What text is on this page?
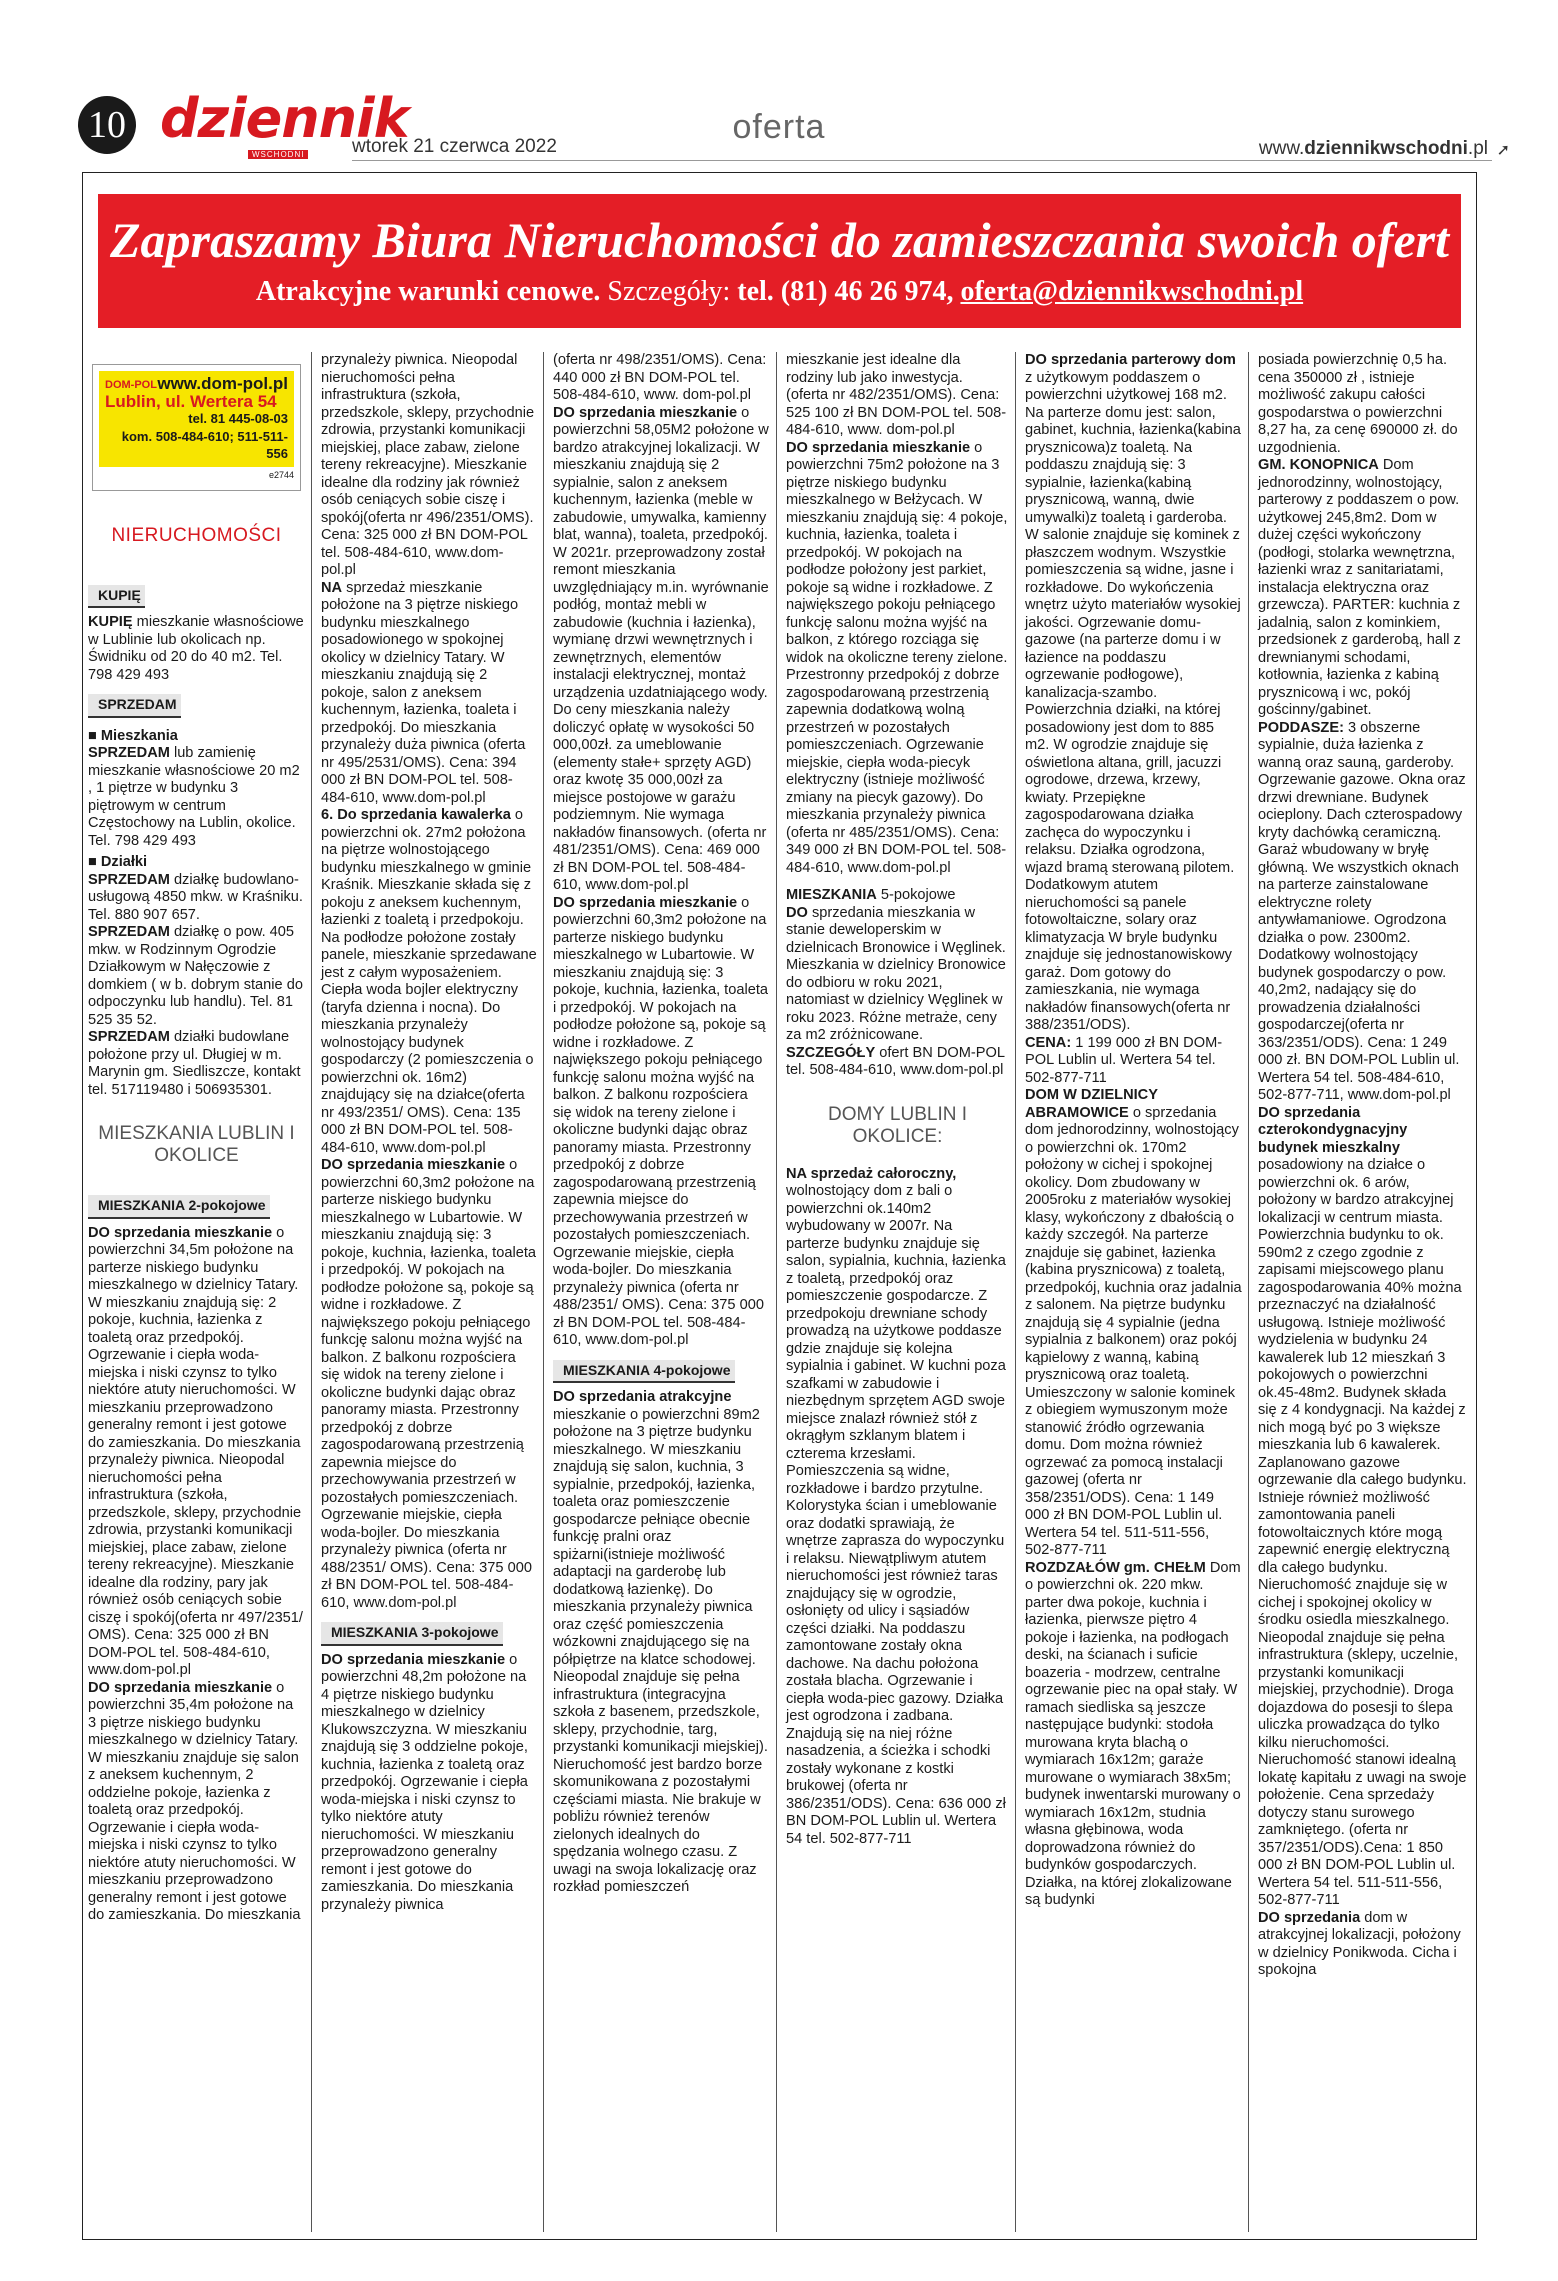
10 dziennik
WSCHODNI	wtorek 21 czerwca 2022
oferta
www.dziennikwschodni.pl ➚
Zapraszamy Biura Nieruchomości do zamieszczania swoich ofert
Atrakcyjne warunki cenowe. Szczegóły: tel. (81) 46 26 974, oferta@dziennikwschodni.pl
DOM-POL www.dom-pol.pl
Lublin, ul. Wertera 54
tel. 81 445-08-03
kom. 508-484-610; 511-511-556
e2744
NIERUCHOMOŚCI
KUPIĘ

KUPIĘ mieszkanie własnościowe w Lublinie lub okolicach np. Świdniku od 20 do 40 m2. Tel. 798 429 493

SPRZEDAM
■ Mieszkania

SPRZEDAM lub zamienię mieszkanie własnościowe 20 m2 , 1 piętrze w budynku 3 piętrowym w centrum Częstochowy na Lublin, okolice. Tel. 798 429 493

■ Działki

SPRZEDAM działkę budowlano-usługową 4850 mkw. w Kraśniku. Tel. 880 907 657.

SPRZEDAM działkę o pow. 405 mkw. w Rodzinnym Ogrodzie Działkowym w Nałęczowie z domkiem ( w b. dobrym stanie do odpoczynku lub handlu). Tel. 81 525 35 52.

SPRZEDAM działki budowlane położone przy ul. Długiej w m. Marynin gm. Siedliszcze, kontakt tel. 517119480 i 506935301.

MIESZKANIA LUBLIN I OKOLICE
MIESZKANIA 2-pokojowe

DO sprzedania mieszkanie o powierzchni 34,5m położone na parterze niskiego budynku mieszkalnego w dzielnicy Tatary. W mieszkaniu znajdują się: 2 pokoje, kuchnia, łazienka z toaletą oraz przedpokój. Ogrzewanie i ciepła woda- miejska i niski czynsz to tylko niektóre atuty nieruchomości. W mieszkaniu przeprowadzono generalny remont i jest gotowe do zamieszkania. Do mieszkania przynależy piwnica. Nieopodal nieruchomości pełna infrastruktura (szkoła, przedszkole, sklepy, przychodnie zdrowia, przystanki komunikacji miejskiej, place zabaw, zielone tereny rekreacyjne). Mieszkanie idealne dla rodziny, pary jak również osób ceniących sobie ciszę i spokój(oferta nr 497/2351/ OMS). Cena: 325 000 zł BN DOM-POL tel. 508-484-610, www.dom-pol.pl

DO sprzedania mieszkanie o powierzchni 35,4m położone na 3 piętrze niskiego budynku mieszkalnego w dzielnicy Tatary. W mieszkaniu znajduje się salon z aneksem kuchennym, 2 oddzielne pokoje, łazienka z toaletą oraz przedpokój. Ogrzewanie i ciepła woda- miejska i niski czynsz to tylko niektóre atuty nieruchomości. W mieszkaniu przeprowadzono generalny remont i jest gotowe do zamieszkania. Do mieszkania

przynależy piwnica. Nieopodal nieruchomości pełna infrastruktura (szkoła, przedszkole, sklepy, przychodnie zdrowia, przystanki komunikacji miejskiej, place zabaw, zielone tereny rekreacyjne). Mieszkanie idealne dla rodziny jak również osób ceniących sobie ciszę i spokój(oferta nr 496/2351/OMS). Cena: 325 000 zł BN DOM-POL tel. 508-484-610, www.dom-pol.pl

NA sprzedaż mieszkanie położone na 3 piętrze niskiego budynku mieszkalnego posadowionego w spokojnej okolicy w dzielnicy Tatary. W mieszkaniu znajdują się 2 pokoje, salon z aneksem kuchennym, łazienka, toaleta i przedpokój. Do mieszkania przynależy duża piwnica (oferta nr 495/2531/OMS). Cena: 394 000 zł BN DOM-POL tel. 508-484-610, www.dom-pol.pl

6. Do sprzedania kawalerka o powierzchni ok. 27m2 położona na piętrze wolnostojącego budynku mieszkalnego w gminie Kraśnik. Mieszkanie składa się z pokoju z aneksem kuchennym, łazienki z toaletą i przedpokoju. Na podłodze położone zostały panele, mieszkanie sprzedawane jest z całym wyposażeniem. Ciepła woda bojler elektryczny (taryfa dzienna i nocna). Do mieszkania przynależy wolnostojący budynek gospodarczy (2 pomieszczenia o powierzchni ok. 16m2) znajdujący się na działce(oferta nr 493/2351/ OMS). Cena: 135 000 zł BN DOM-POL tel. 508-484-610, www.dom-pol.pl

DO sprzedania mieszkanie o powierzchni 60,3m2 położone na parterze niskiego budynku mieszkalnego w Lubartowie. W mieszkaniu znajdują się: 3 pokoje, kuchnia, łazienka, toaleta i przedpokój. W pokojach na podłodze położone są, pokoje są widne i rozkładowe. Z największego pokoju pełniącego funkcję salonu można wyjść na balkon. Z balkonu rozpościera się widok na tereny zielone i okoliczne budynki dając obraz panoramy miasta. Przestronny przedpokój z dobrze zagospodarowaną przestrzenią zapewnia miejsce do przechowywania przestrzeń w pozostałych pomieszczeniach. Ogrzewanie miejskie, ciepła woda-bojler. Do mieszkania przynależy piwnica (oferta nr 488/2351/ OMS). Cena: 375 000 zł BN DOM-POL tel. 508-484-610, www.dom-pol.pl

MIESZKANIA 3-pokojowe

DO sprzedania mieszkanie o powierzchni 48,2m położone na 4 piętrze niskiego budynku mieszkalnego w dzielnicy Klukowszczyzna. W mieszkaniu znajdują się 3 oddzielne pokoje, kuchnia, łazienka z toaletą oraz przedpokój. Ogrzewanie i ciepła woda-miejska i niski czynsz to tylko niektóre atuty nieruchomości. W mieszkaniu przeprowadzono generalny remont i jest gotowe do zamieszkania. Do mieszkania przynależy piwnica

(oferta nr 498/2351/OMS). Cena: 440 000 zł BN DOM-POL tel. 508-484-610, www. dom-pol.pl

DO sprzedania mieszkanie o powierzchni 58,05M2 położone w bardzo atrakcyjnej lokalizacji. W mieszkaniu znajdują się 2 sypialnie, salon z aneksem kuchennym, łazienka (meble w zabudowie, umywalka, kamienny blat, wanna), toaleta, przedpokój. W 2021r. przeprowadzony został remont mieszkania uwzględniający m.in. wyrównanie podłóg, montaż mebli w zabudowie (kuchnia i łazienka), wymianę drzwi wewnętrznych i zewnętrznych, elementów instalacji elektrycznej, montaż urządzenia uzdatniającego wody. Do ceny mieszkania należy doliczyć opłatę w wysokości 50 000,00zł. za umeblowanie (elementy stałe+ sprzęty AGD) oraz kwotę 35 000,00zł za miejsce postojowe w garażu podziemnym. Nie wymaga nakładów finansowych. (oferta nr 481/2351/OMS). Cena: 469 000 zł BN DOM-POL tel. 508-484-610, www.dom-pol.pl

DO sprzedania mieszkanie o powierzchni 60,3m2 położone na parterze niskiego budynku mieszkalnego w Lubartowie. W mieszkaniu znajdują się: 3 pokoje, kuchnia, łazienka, toaleta i przedpokój. W pokojach na podłodze położone są, pokoje są widne i rozkładowe. Z największego pokoju pełniącego funkcję salonu można wyjść na balkon. Z balkonu rozpościera się widok na tereny zielone i okoliczne budynki dając obraz panoramy miasta. Przestronny przedpokój z dobrze zagospodarowaną przestrzenią zapewnia miejsce do przechowywania przestrzeń w pozostałych pomieszczeniach. Ogrzewanie miejskie, ciepła woda-bojler. Do mieszkania przynależy piwnica (oferta nr 488/2351/ OMS). Cena: 375 000 zł BN DOM-POL tel. 508-484-610, www.dom-pol.pl

MIESZKANIA 4-pokojowe

DO sprzedania atrakcyjne mieszkanie o powierzchni 89m2 położone na 3 piętrze budynku mieszkalnego. W mieszkaniu znajdują się salon, kuchnia, 3 sypialnie, przedpokój, łazienka, toaleta oraz pomieszczenie gospodarcze pełniące obecnie funkcję pralni oraz spiżarni(istnieje możliwość adaptacji na garderobę lub dodatkową łazienkę). Do mieszkania przynależy piwnica oraz część pomieszczenia wózkowni znajdującego się na półpiętrze na klatce schodowej. Nieopodal znajduje się pełna infrastruktura (integracyjna szkoła z basenem, przedszkole, sklepy, przychodnie, targ, przystanki komunikacji miejskiej). Nieruchomość jest bardzo borze skomunikowana z pozostałymi częściami miasta. Nie brakuje w pobliżu również terenów zielonych idealnych do spędzania wolnego czasu. Z uwagi na swoja lokalizację oraz rozkład pomieszczeń

mieszkanie jest idealne dla rodziny lub jako inwestycja. (oferta nr 482/2351/OMS). Cena: 525 100 zł BN DOM-POL tel. 508-484-610, www. dom-pol.pl

DO sprzedania mieszkanie o powierzchni 75m2 położone na 3 piętrze niskiego budynku mieszkalnego w Bełżycach. W mieszkaniu znajdują się: 4 pokoje, kuchnia, łazienka, toaleta i przedpokój. W pokojach na podłodze położony jest parkiet, pokoje są widne i rozkładowe. Z największego pokoju pełniącego funkcję salonu można wyjść na balkon, z którego rozciąga się widok na okoliczne tereny zielone. Przestronny przedpokój z dobrze zagospodarowaną przestrzenią zapewnia dodatkową wolną przestrzeń w pozostałych pomieszczeniach. Ogrzewanie miejskie, ciepła woda-piecyk elektryczny (istnieje możliwość zmiany na piecyk gazowy). Do mieszkania przynależy piwnica (oferta nr 485/2351/OMS). Cena: 349 000 zł BN DOM-POL tel. 508-484-610, www.dom-pol.pl

MIESZKANIA 5-pokojowe

DO sprzedania mieszkania w stanie deweloperskim w dzielnicach Bronowice i Węglinek. Mieszkania w dzielnicy Bronowice do odbioru w roku 2021, natomiast w dzielnicy Węglinek w roku 2023. Różne metraże, ceny za m2 zróżnicowane.

SZCZEGÓŁY ofert BN DOM-POL tel. 508-484-610, www.dom-pol.pl

DOMY LUBLIN I OKOLICE:

NA sprzedaż całoroczny, wolnostojący dom z bali o powierzchni ok.140m2 wybudowany w 2007r. Na parterze budynku znajduje się salon, sypialnia, kuchnia, łazienka z toaletą, przedpokój oraz pomieszczenie gospodarcze. Z przedpokoju drewniane schody prowadzą na użytkowe poddasze gdzie znajduje się kolejna sypialnia i gabinet. W kuchni poza szafkami w zabudowie i niezbędnym sprzętem AGD swoje miejsce znalazł również stół z okrągłym szklanym blatem i czterema krzesłami. Pomieszczenia są widne, rozkładowe i bardzo przytulne. Kolorystyka ścian i umeblowanie oraz dodatki sprawiają, że wnętrze zaprasza do wypoczynku i relaksu. Niewątpliwym atutem nieruchomości jest również taras znajdujący się w ogrodzie, osłonięty od ulicy i sąsiadów części działki. Na poddaszu zamontowane zostały okna dachowe. Na dachu położona została blacha. Ogrzewanie i ciepła woda-piec gazowy. Działka jest ogrodzona i zadbana. Znajdują się na niej różne nasadzenia, a ścieżka i schodki zostały wykonane z kostki brukowej (oferta nr 386/2351/ODS). Cena: 636 000 zł BN DOM-POL Lublin ul. Wertera 54 tel. 502-877-711

DO sprzedania parterowy dom z użytkowym poddaszem o powierzchni użytkowej 168 m2. Na parterze domu jest: salon, gabinet, kuchnia, łazienka(kabina prysznicowa)z toaletą. Na poddaszu znajdują się: 3 sypialnie, łazienka(kabiną prysznicową, wanną, dwie umywalki)z toaletą i garderoba. W salonie znajduje się kominek z płaszczem wodnym. Wszystkie pomieszczenia są widne, jasne i rozkładowe. Do wykończenia wnętrz użyto materiałów wysokiej jakości. Ogrzewanie domu-gazowe (na parterze domu i w łazience na poddaszu ogrzewanie podłogowe), kanalizacja-szambo. Powierzchnia działki, na której posadowiony jest dom to 885 m2. W ogrodzie znajduje się oświetlona altana, grill, jacuzzi ogrodowe, drzewa, krzewy, kwiaty. Przepiękne zagospodarowana działka zachęca do wypoczynku i relaksu. Działka ogrodzona, wjazd bramą sterowaną pilotem. Dodatkowym atutem nieruchomości są panele fotowoltaiczne, solary oraz klimatyzacja W bryle budynku znajduje się jednostanowiskowy garaż. Dom gotowy do zamieszkania, nie wymaga nakładów finansowych(oferta nr 388/2351/ODS).

CENA: 1 199 000 zł BN DOM-POL Lublin ul. Wertera 54 tel. 502-877-711

DOM W DZIELNICY ABRAMOWICE o sprzedania dom jednorodzinny, wolnostojący o powierzchni ok. 170m2 położony w cichej i spokojnej okolicy. Dom zbudowany w 2005roku z materiałów wysokiej klasy, wykończony z dbałością o każdy szczegół. Na parterze znajduje się gabinet, łazienka (kabina prysznicowa) z toaletą, przedpokój, kuchnia oraz jadalnia z salonem. Na piętrze budynku znajdują się 4 sypialnie (jedna sypialnia z balkonem) oraz pokój kąpielowy z wanną, kabiną prysznicową oraz toaletą. Umieszczony w salonie kominek z obiegiem wymuszonym może stanowić źródło ogrzewania domu. Dom można również ogrzewać za pomocą instalacji gazowej (oferta nr 358/2351/ODS). Cena: 1 149 000 zł BN DOM-POL Lublin ul. Wertera 54 tel. 511-511-556, 502-877-711

ROZDZAŁÓW gm. CHEŁM Dom o powierzchni ok. 220 mkw. parter dwa pokoje, kuchnia i łazienka, pierwsze piętro 4 pokoje i łazienka, na podłogach deski, na ścianach i suficie boazeria - modrzew, centralne ogrzewanie piec na opał stały. W ramach siedliska są jeszcze następujące budynki: stodoła murowana kryta blachą o wymiarach 16x12m; garaże murowane o wymiarach 38x5m; budynek inwentarski murowany o wymiarach 16x12m, studnia własna głębinowa, woda doprowadzona również do budynków gospodarczych. Działka, na której zlokalizowane są budynki

posiada powierzchnię 0,5 ha. cena 350000 zł , istnieje możliwość zakupu całości gospodarstwa o powierzchni 8,27 ha, za cenę 690000 zł. do uzgodnienia.

GM. KONOPNICA Dom jednorodzinny, wolnostojący, parterowy z poddaszem o pow. użytkowej 245,8m2. Dom w dużej części wykończony (podłogi, stolarka wewnętrzna, łazienki wraz z sanitariatami, instalacja elektryczna oraz grzewcza). PARTER: kuchnia z jadalnią, salon z kominkiem, przedsionek z garderobą, hall z drewnianymi schodami, kotłownia, łazienka z kabiną prysznicową i wc, pokój gościnny/gabinet.

PODDASZE: 3 obszerne sypialnie, duża łazienka z wanną oraz sauną, garderoby. Ogrzewanie gazowe. Okna oraz drzwi drewniane. Budynek ocieplony. Dach czterospadowy kryty dachówką ceramiczną. Garaż wbudowany w bryłę główną. We wszystkich oknach na parterze zainstalowane elektryczne rolety antywłamaniowe. Ogrodzona działka o pow. 2300m2. Dodatkowy wolnostojący budynek gospodarczy o pow. 40,2m2, nadający się do prowadzenia działalności gospodarczej(oferta nr 363/2351/ODS). Cena: 1 249 000 zł. BN DOM-POL Lublin ul. Wertera 54 tel. 508-484-610, 502-877-711, www.dom-pol.pl

DO sprzedania czterokondygnacyjny budynek mieszkalny posadowiony na działce o powierzchni ok. 6 arów, położony w bardzo atrakcyjnej lokalizacji w centrum miasta. Powierzchnia budynku to ok. 590m2 z czego zgodnie z zapisami miejscowego planu zagospodarowania 40% można przeznaczyć na działalność usługową. Istnieje możliwość wydzielenia w budynku 24 kawalerek lub 12 mieszkań 3 pokojowych o powierzchni ok.45-48m2. Budynek składa się z 4 kondygnacji. Na każdej z nich mogą być po 3 większe mieszkania lub 6 kawalerek. Zaplanowano gazowe ogrzewanie dla całego budynku. Istnieje również możliwość zamontowania paneli fotowoltaicznych które mogą zapewnić energię elektryczną dla całego budynku. Nieruchomość znajduje się w cichej i spokojnej okolicy w środku osiedla mieszkalnego. Nieopodal znajduje się pełna infrastruktura (sklepy, uczelnie, przystanki komunikacji miejskiej, przychodnie). Droga dojazdowa do posesji to ślepa uliczka prowadząca do tylko kilku nieruchomości. Nieruchomość stanowi idealną lokatę kapitału z uwagi na swoje położenie. Cena sprzedaży dotyczy stanu surowego zamkniętego. (oferta nr 357/2351/ODS).Cena: 1 850 000 zł BN DOM-POL Lublin ul. Wertera 54 tel. 511-511-556, 502-877-711

DO sprzedania dom w atrakcyjnej lokalizacji, położony w dzielnicy Ponikwoda. Cicha i spokojna
